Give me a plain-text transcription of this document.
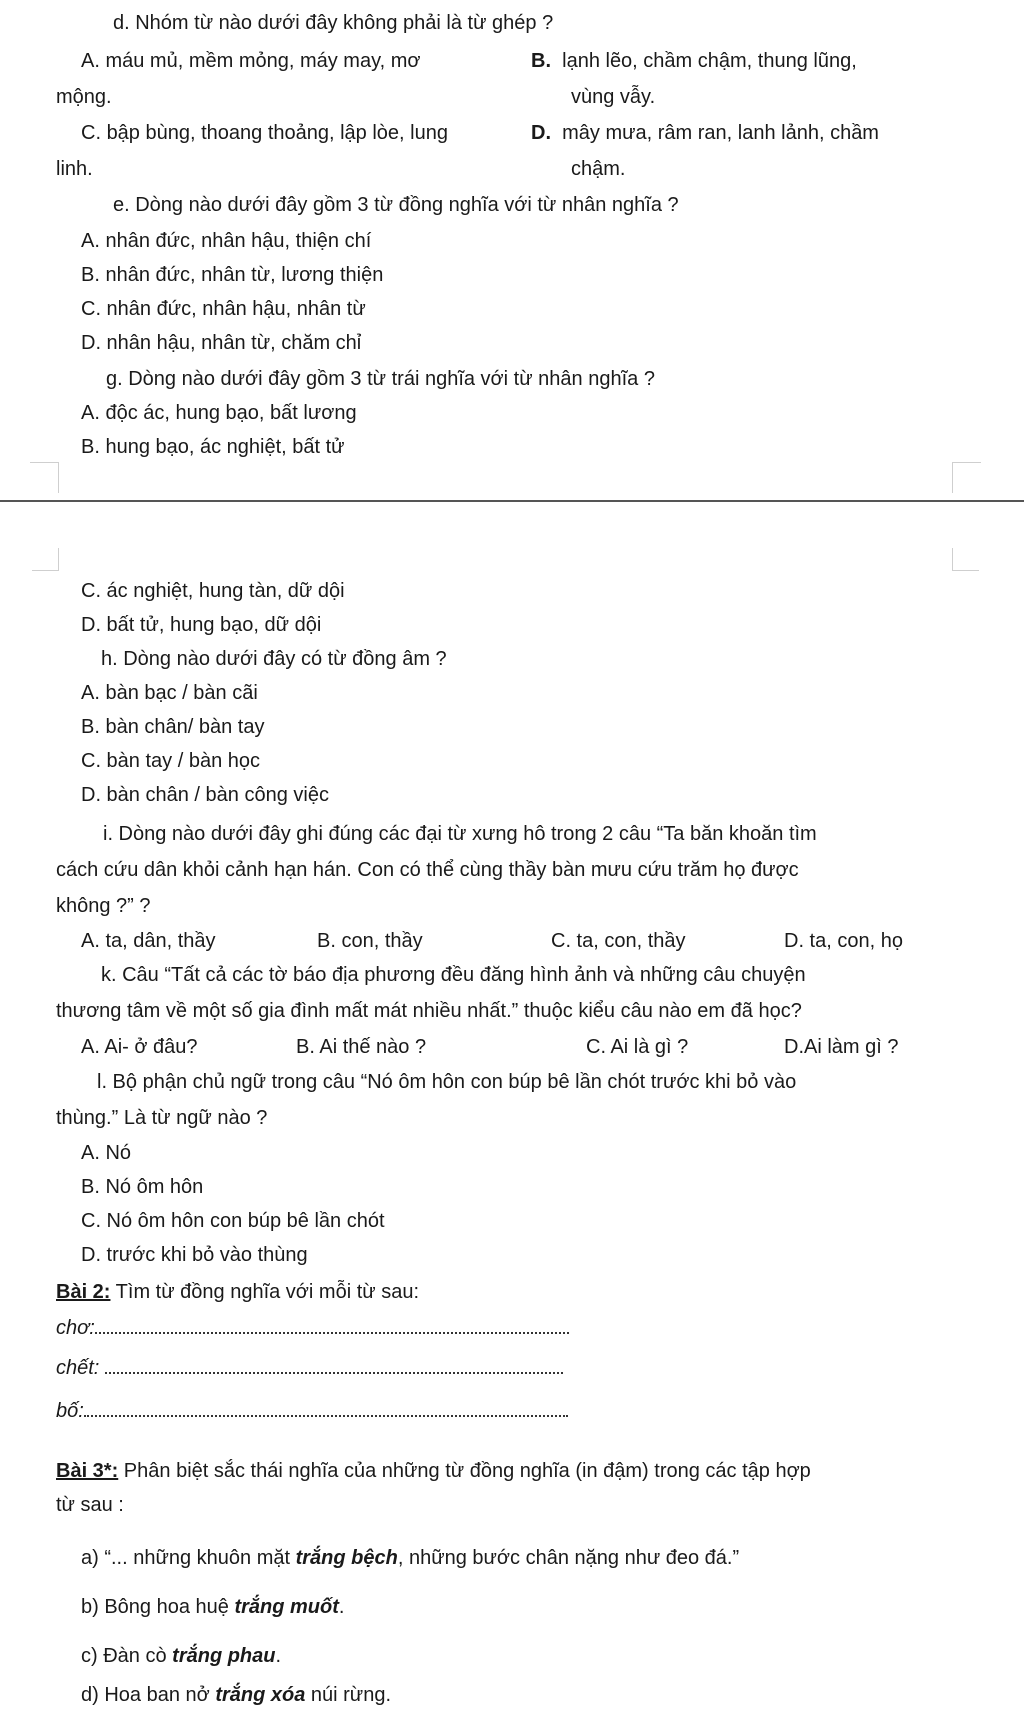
d. Nhóm từ nào dưới đây không phải là từ ghép ?
A. máu mủ, mềm mỏng, máy may, mơ
mộng.
B. lạnh lẽo, chầm chậm, thung lũng,
vùng vẫy.
C. bập bùng, thoang thoảng, lập lòe, lung
linh.
D. mây mưa, râm ran, lanh lảnh, chầm
chậm.
e. Dòng nào dưới đây gồm 3 từ đồng nghĩa với từ nhân nghĩa ?
A. nhân đức, nhân hậu, thiện chí
B. nhân đức, nhân từ, lương thiện
C. nhân đức, nhân hậu, nhân từ
D. nhân hậu, nhân từ, chăm chỉ
g. Dòng nào dưới đây gồm 3 từ trái nghĩa với từ nhân nghĩa ?
A. độc ác, hung bạo, bất lương
B. hung bạo, ác nghiệt, bất tử
C. ác nghiệt, hung tàn, dữ dội
D. bất tử, hung bạo, dữ dội
h. Dòng nào dưới đây có từ đồng âm ?
A. bàn bạc / bàn cãi
B. bàn chân/ bàn tay
C. bàn tay / bàn học
D. bàn chân / bàn công việc
i. Dòng nào dưới đây ghi đúng các đại từ xưng hô trong 2 câu “Ta băn khoăn tìm
cách cứu dân khỏi cảnh hạn hán. Con có thể cùng thầy bàn mưu cứu trăm họ được
không ?” ?
A. ta, dân, thầy	B. con, thầy	C. ta, con, thầy	D. ta, con, họ
k. Câu “Tất cả các tờ báo địa phương đều đăng hình ảnh và những câu chuyện
thương tâm về một số gia đình mất mát nhiều nhất.” thuộc kiểu câu nào em đã học?
A. Ai- ở đâu?	B. Ai thế nào ?	C. Ai là gì ?	D.Ai làm gì ?
l. Bộ phận chủ ngữ trong câu “Nó ôm hôn con búp bê lần chót trước khi bỏ vào
thùng.” Là từ ngữ nào ?
A. Nó
B. Nó ôm hôn
C. Nó ôm hôn con búp bê lần chót
D. trước khi bỏ vào thùng
Bài 2: Tìm từ đồng nghĩa với mỗi từ sau:
chơ:
chết:
bố:
Bài 3*: Phân biệt sắc thái nghĩa của những từ đồng nghĩa (in đậm) trong các tập hợp
từ sau :
a) “... những khuôn mặt trắng bệch, những bước chân nặng như đeo đá.”
b) Bông hoa huệ trắng muốt.
c) Đàn cò trắng phau.
d) Hoa ban nở trắng xóa núi rừng.
